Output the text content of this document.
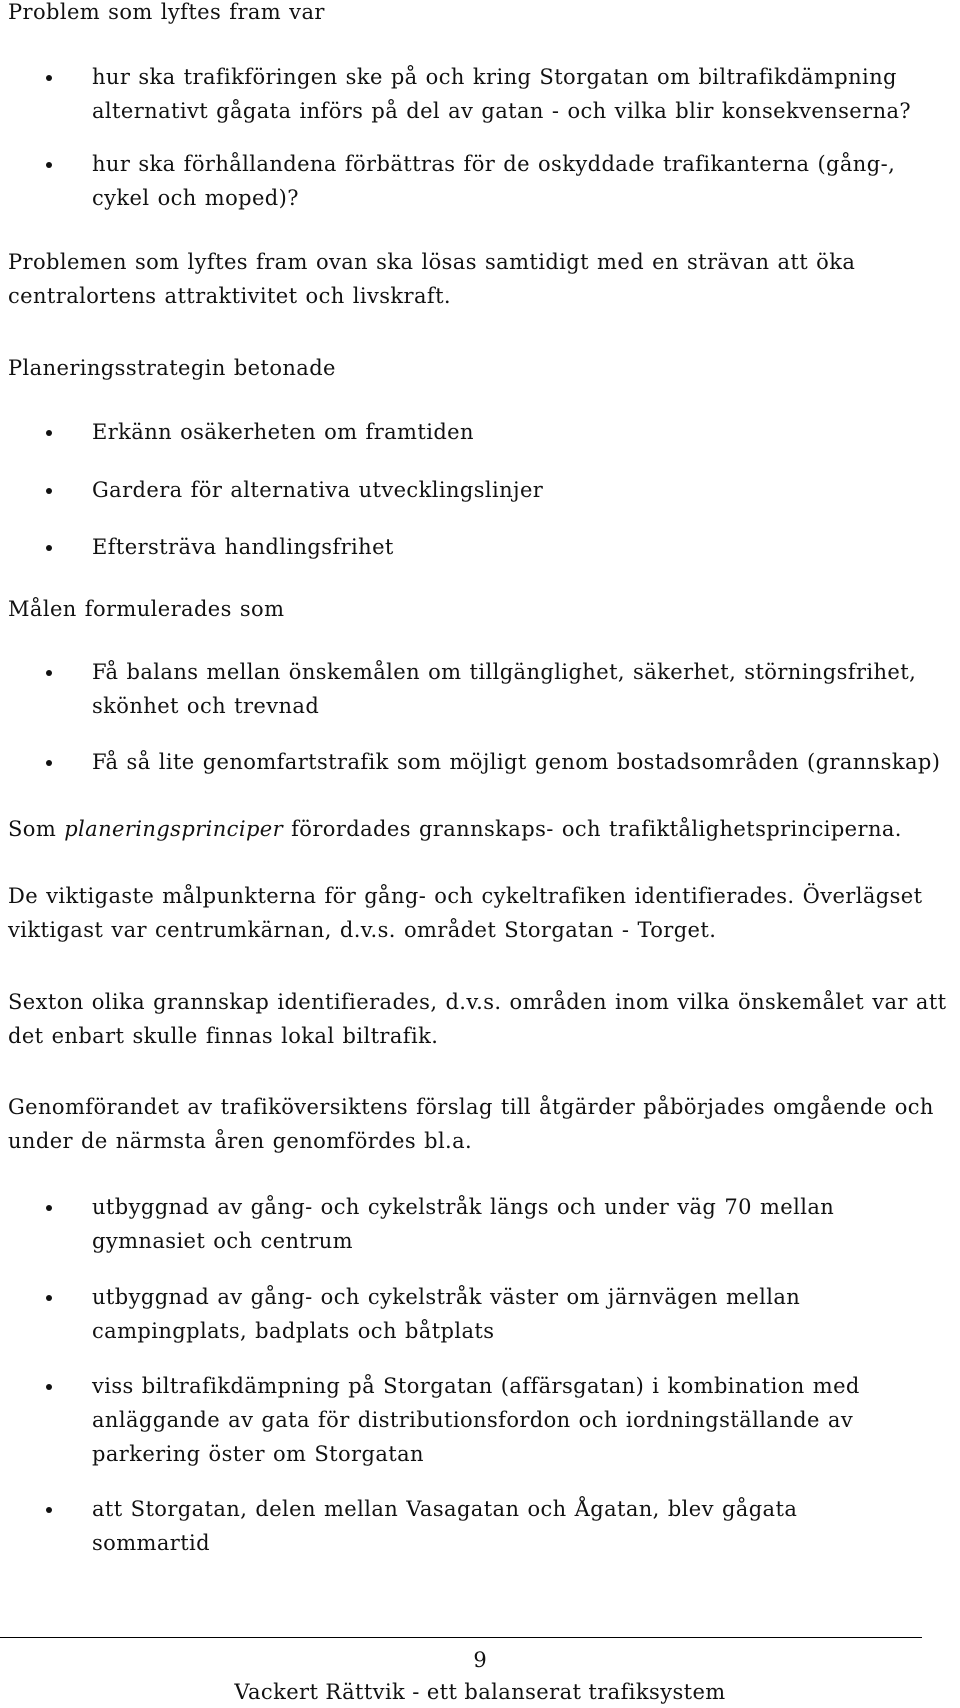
Problem som lyftes fram var

hur ska trafikföringen ske på och kring Storgatan om biltrafikdämpning

alternativt gågata införs på del av gatan - och vilka blir konsekvenserna?

hur ska förhållandena förbättras för de oskyddade trafikanterna (gång-,

cykel och moped)?

Problemen som lyftes fram ovan ska lösas samtidigt med en strävan att öka

centralortens attraktivitet och livskraft.

Planeringsstrategin betonade

Erkänn osäkerheten om framtiden

Gardera för alternativa utvecklingslinjer

Eftersträva handlingsfrihet

Målen formulerades som

Få balans mellan önskemålen om tillgänglighet, säkerhet, störningsfrihet,

skönhet och trevnad

Få så lite genomfartstrafik som möjligt genom bostadsområden (grannskap)

Som planeringsprinciper förordades grannskaps- och trafiktålighetsprinciperna.

De viktigaste målpunkterna för gång- och cykeltrafiken identifierades. Överlägset

viktigast var centrumkärnan, d.v.s. området Storgatan - Torget.

Sexton olika grannskap identifierades, d.v.s. områden inom vilka önskemålet var att

det enbart skulle finnas lokal biltrafik.

Genomförandet av trafiköversiktens förslag till åtgärder påbörjades omgående och

under de närmsta åren genomfördes bl.a.

utbyggnad av gång- och cykelstråk längs och under väg 70 mellan

gymnasiet och centrum

utbyggnad av gång- och cykelstråk väster om järnvägen mellan

campingplats, badplats och båtplats

viss biltrafikdämpning på Storgatan (affärsgatan) i kombination med

anläggande av gata för distributionsfordon och iordningställande av

parkering öster om Storgatan

att Storgatan, delen mellan Vasagatan och Ågatan, blev gågata

sommartid

9
Vackert Rättvik - ett balanserat trafiksystem
